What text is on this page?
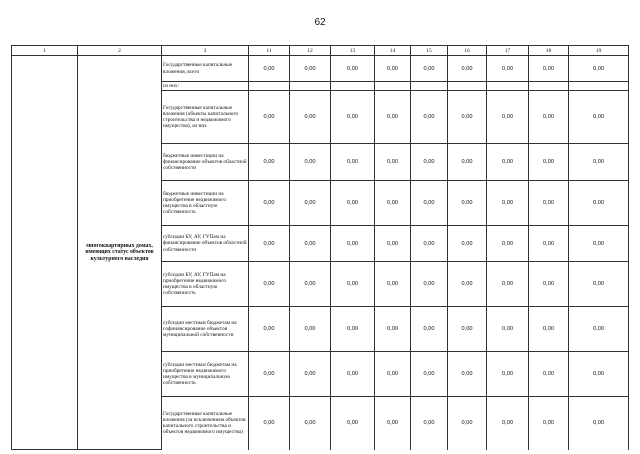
62
1	2	3	11	12	13	14	15	16	17	18	19
	многоквартирных домах, имеющих статус объектов культурного наследия	Государственные капитальные вложения, всего	0,00	0,00	0,00	0,00	0,00	0,00	0,00	0,00	0,00
		из них:									
		Государственные капитальные вложения (объекты капитального строительства и недвижимого имущества), из них	0,00	0,00	0,00	0,00	0,00	0,00	0,00	0,00	0,00
		бюджетные инвестиции на финансирование объектов областной собственности	0,00	0,00	0,00	0,00	0,00	0,00	0,00	0,00	0,00
		бюджетные инвестиции на приобретение недвижимого имущества в областную собственность	0,00	0,00	0,00	0,00	0,00	0,00	0,00	0,00	0,00
		субсидии БУ, АУ, ГУПам на финансирование объектов областной собственности	0,00	0,00	0,00	0,00	0,00	0,00	0,00	0,00	0,00
		субсидии БУ, АУ, ГУПам на приобретение недвижимого имущества в областную собственность	0,00	0,00	0,00	0,00	0,00	0,00	0,00	0,00	0,00
		субсидии местным бюджетам на софинансирование объектов муниципальной собственности	0,00	0,00	0,00	0,00	0,00	0,00	0,00	0,00	0,00
		субсидии местным бюджетам на приобретение недвижимого имущества в муниципальную собственность	0,00	0,00	0,00	0,00	0,00	0,00	0,00	0,00	0,00
		Государственные капитальные вложения (за исключением объектов капитального строительства и объектов недвижимого имущества)	0,00	0,00	0,00	0,00	0,00	0,00	0,00	0,00	0,00
